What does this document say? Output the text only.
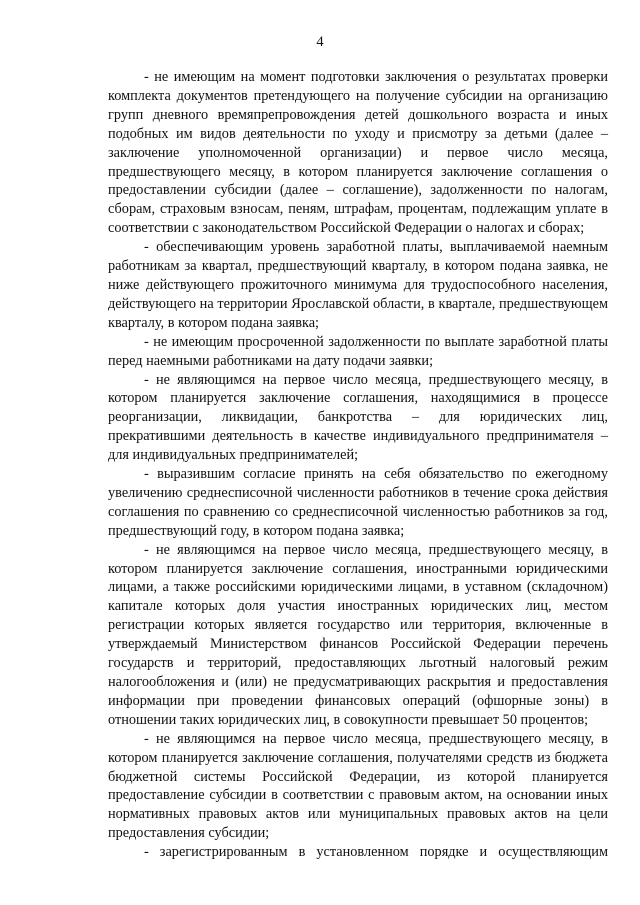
4

- не имеющим на момент подготовки заключения о результатах проверки комплекта документов претендующего на получение субсидии на организацию групп дневного времяпрепровождения детей дошкольного возраста и иных подобных им видов деятельности по уходу и присмотру за детьми (далее – заключение уполномоченной организации) и первое число месяца, предшествующего месяцу, в котором планируется заключение соглашения о предоставлении субсидии (далее – соглашение), задолженности по налогам, сборам, страховым взносам, пеням, штрафам, процентам, подлежащим уплате в соответствии с законодательством Российской Федерации о налогах и сборах;

- обеспечивающим уровень заработной платы, выплачиваемой наемным работникам за квартал, предшествующий кварталу, в котором подана заявка, не ниже действующего прожиточного минимума для трудоспособного населения, действующего на территории Ярославской области, в квартале, предшествующем кварталу, в котором подана заявка;

- не имеющим просроченной задолженности по выплате заработной платы перед наемными работниками на дату подачи заявки;

- не являющимся на первое число месяца, предшествующего месяцу, в котором планируется заключение соглашения, находящимися в процессе реорганизации, ликвидации, банкротства – для юридических лиц, прекратившими деятельность в качестве индивидуального предпринимателя – для индивидуальных предпринимателей;

- выразившим согласие принять на себя обязательство по ежегодному увеличению среднесписочной численности работников в течение срока действия соглашения по сравнению со среднесписочной численностью работников за год, предшествующий году, в котором подана заявка;

- не являющимся на первое число месяца, предшествующего месяцу, в котором планируется заключение соглашения, иностранными юридическими лицами, а также российскими юридическими лицами, в уставном (складочном) капитале которых доля участия иностранных юридических лиц, местом регистрации которых является государство или территория, включенные в утверждаемый Министерством финансов Российской Федерации перечень государств и территорий, предоставляющих льготный налоговый режим налогообложения и (или) не предусматривающих раскрытия и предоставления информации при проведении финансовых операций (офшорные зоны) в отношении таких юридических лиц, в совокупности превышает 50 процентов;

- не являющимся на первое число месяца, предшествующего месяцу, в котором планируется заключение соглашения, получателями средств из бюджета бюджетной системы Российской Федерации, из которой планируется предоставление субсидии в соответствии с правовым актом, на основании иных нормативных правовых актов или муниципальных правовых актов на цели предоставления субсидии;

- зарегистрированным в установленном порядке и осуществляющим
